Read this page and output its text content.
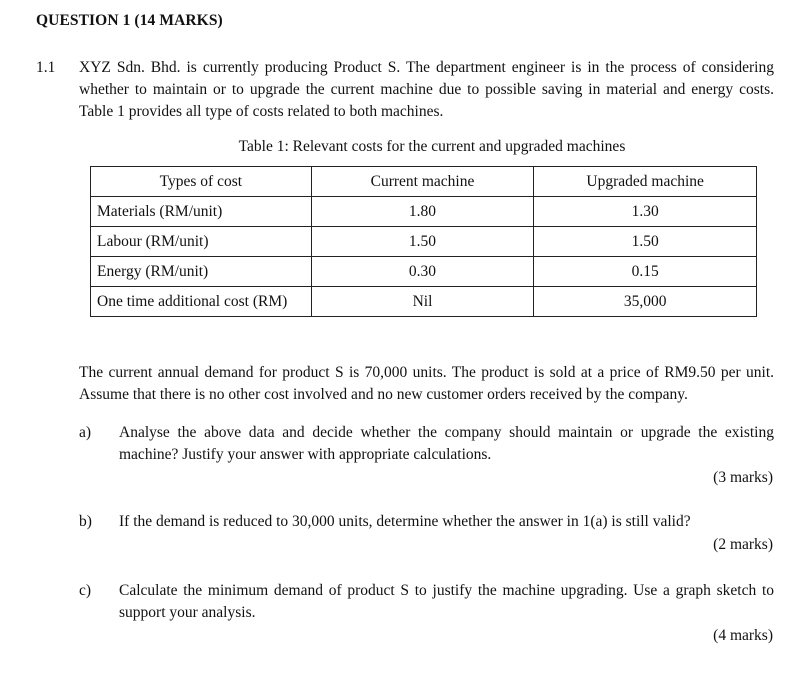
QUESTION 1 (14 MARKS)
1.1 XYZ Sdn. Bhd. is currently producing Product S. The department engineer is in the process of considering whether to maintain or to upgrade the current machine due to possible saving in material and energy costs. Table 1 provides all type of costs related to both machines.
Table 1: Relevant costs for the current and upgraded machines
Types of cost	Current machine	Upgraded machine
Materials (RM/unit)	1.80	1.30
Labour (RM/unit)	1.50	1.50
Energy (RM/unit)	0.30	0.15
One time additional cost (RM)	Nil	35,000
The current annual demand for product S is 70,000 units. The product is sold at a price of RM9.50 per unit. Assume that there is no other cost involved and no new customer orders received by the company.
a) Analyse the above data and decide whether the company should maintain or upgrade the existing machine? Justify your answer with appropriate calculations.
(3 marks)
b) If the demand is reduced to 30,000 units, determine whether the answer in 1(a) is still valid?
(2 marks)
c) Calculate the minimum demand of product S to justify the machine upgrading. Use a graph sketch to support your analysis.
(4 marks)
